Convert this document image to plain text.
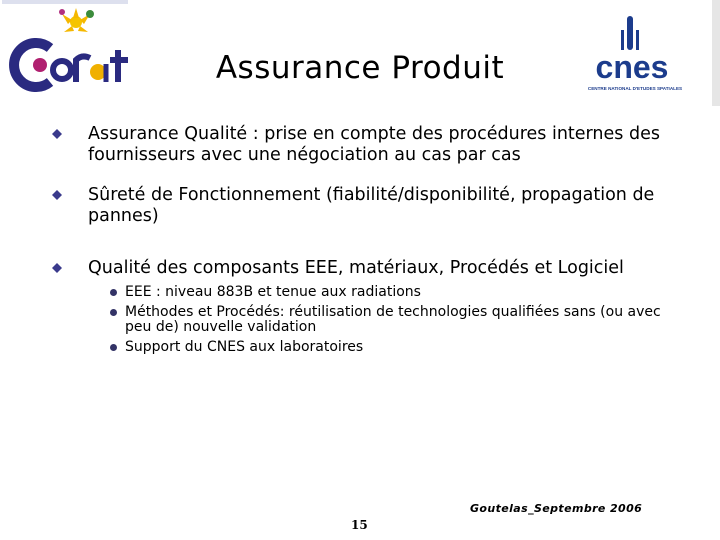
cnes
CENTRE NATIONAL D'ETUDES SPATIALES
Assurance Produit
Assurance Qualité : prise en compte des procédures internes des fournisseurs avec une négociation au cas par cas
Sûreté de Fonctionnement (fiabilité/disponibilité, propagation de pannes)
Qualité des composants EEE, matériaux, Procédés et Logiciel
EEE : niveau 883B et tenue aux radiations
Méthodes et Procédés: réutilisation de technologies qualifiées sans (ou avec peu de) nouvelle validation
Support du CNES aux laboratoires
Goutelas_Septembre 2006
15
